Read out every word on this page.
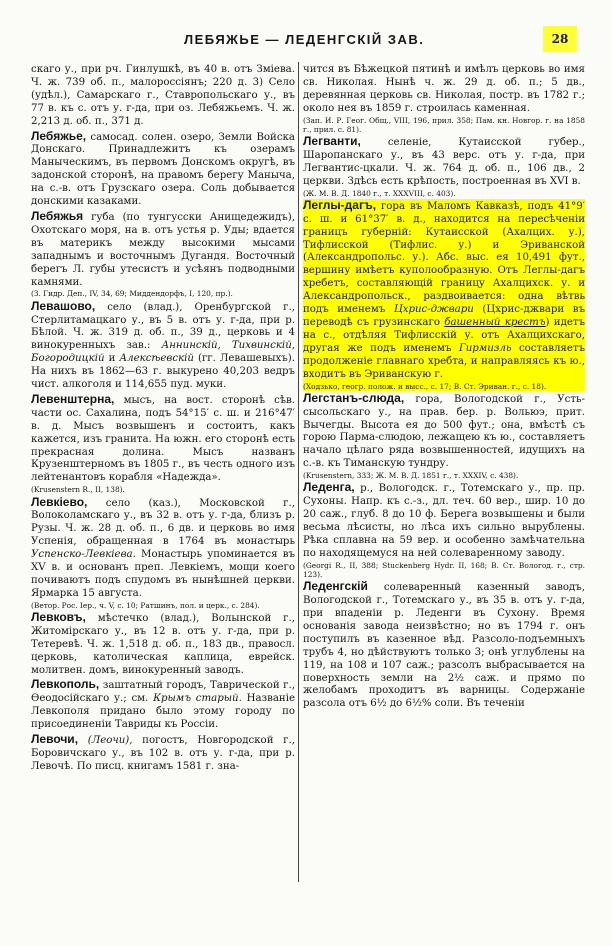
ЛЕБЯЖЬЕ — ЛЕДЕНГСКІЙ ЗАВ.	28

скаго у., при рч. Гинлушкѣ, въ 40 в. отъ Зміева. Ч. ж. 739 об. п., малороссіянъ; 220 д. 3) Село (удѣл.), Самарскаго г., Ставропольскаго у., въ 77 в. къ с. отъ у. г-да, при оз. Лебяжьемъ. Ч. ж. 2,213 д. об. п., 371 д.

Лебяжье, самосад. солен. озеро, Земли Войска Донскаго. Принадлежитъ къ озерамъ Маныческимъ, въ первомъ Донскомъ округѣ, въ задонской сторонѣ, на правомъ берегу Маныча, на с.-в. отъ Грузскаго озера. Соль добывается донскими казаками.

Лебяжья губа (по тунгусски Анищедежидъ), Охотскаго моря, на в. отъ устья р. Уды; вдается въ материкъ между высокими мысами западнымъ и восточнымъ Дугандя. Восточный берегъ Л. губы утесистъ и усѣянъ подводными камнями.

(З. Гидр. Деп., IV, 34, 69; Миддендорфъ, I, 120, пр.).

Левашово, село (влад.), Оренбургской г., Стерлитамацкаго у., въ 5 в. отъ у. г-да, при р. Бѣлой. Ч. ж. 319 д. об. п., 39 д., церковь и 4 винокуренныхъ зав.: Аннинскій, Тихвинскій, Богородицкій и Алексѣевскій (гг. Левашевыхъ). На нихъ въ 1862—63 г. выкурено 40,203 ведръ чист. алкоголя и 114,655 пуд. муки.

Левенштерна, мысъ, на вост. сторонѣ сѣв. части ос. Сахалина, подъ 54°15′ с. ш. и 216°47′ в. д. Мысъ возвышенъ и состоитъ, какъ кажется, изъ гранита. На южн. его сторонѣ есть прекрасная долина. Мысъ названъ Крузенштерномъ въ 1805 г., въ честь одного изъ лейтенантовъ корабля «Надежда».

(Krusenstern R., II, 138).

Левкіево, село (каз.), Московской г., Волоколамскаго у., въ 32 в. отъ у. г-да, близъ р. Рузы. Ч. ж. 28 д. об. п., 6 дв. и церковь во имя Успенія, обращенная в 1764 въ монастырь Успенско-Левкіева. Монастырь упоминается въ XV в. и основанъ преп. Левкіемъ, мощи коего почиваютъ подъ спудомъ въ нынѣшней церкви. Ярмарка 15 августа.

(Ветор. Рос. Іер., ч. V, с. 10; Ратшинъ, пол. и церк., с. 284).

Левковъ, мѣстечко (влад.), Волынской г., Житомірскаго у., въ 12 в. отъ у. г-да, при р. Тетеревѣ. Ч. ж. 1,518 д. об. п., 183 дв., правосл. церковь, католическая каплица, еврейск. молитвен. домъ, винокуренный заводъ.

Левкополь, заштатный городъ, Таврической г., Ѳеодосійскаго у.; см. Крымъ старый. Названіе Левкополя придано было этому городу по присоединеніи Тавриды къ Россіи.

Левочи, (Леочи), погостъ, Новгородской г., Боровичскаго у., въ 102 в. отъ у. г-да, при р. Левочѣ. По писц. книгамъ 1581 г. зна-

чится въ Бѣжецкой пятинѣ и имѣлъ церковь во имя св. Николая. Нынѣ ч. ж. 29 д. об. п.; 5 дв., деревянная церковь св. Николая, постр. въ 1782 г.; около нея въ 1859 г. строилась каменная.

(Зап. И. Р. Геог. Общ., VIII, 196, прил. 358; Пам. кн. Новгор. г. на 1858 г., прил. с. 81).

Легванти, селеніе, Кутаисской губер., Шаропанскаго у., въ 43 верс. отъ у. г-да, при Легвантис-цкали. Ч. ж. 764 д. об. п., 106 дв., 2 церкви. Здѣсь есть крѣпость, построенная въ XVI в.

(Ж. М. В. Д. 1840 г., т. XXXVIII, с. 403).

Леглы-дагъ, гора въ Маломъ Кавказѣ, подъ 41°9′ с. ш. и 61°37′ в. д., находится на пересѣченіи границъ губерній: Кутаисской (Ахалцих. у.), Тифлисской (Тифлис. у.) и Эриванской (Александропольс. у.). Абс. выс. ея 10,491 фут., вершину имѣетъ куполообразную. Отъ Леглы-дагъ хребетъ, составляющій границу Ахалцихск. у. и Александропольск., раздвоивается: одна вѣтвь подъ именемъ Цхрис-джвари (Цхрис-джвари въ переводѣ съ грузинскаго башенный крестъ) идетъ на с., отдѣляя Тифлисскій у. отъ Ахалцихскаго, другая же подъ именемъ Гирмизль составляетъ продолженіе главнаго хребта, и направляясь къ ю., входитъ въ Эриванскую г.

(Ходзько, геогр. полож. и высс., с. 17; В. Ст. Эриван. г., с. 18).

Легстанъ-слюда, гора, Вологодской г., Усть-сысольскаго у., на прав. бер. р. Вольюэ, прит. Вычегды. Высота ея до 500 фут.; она, вмѣстѣ съ горою Парма-слюдою, лежащею къ ю., составляетъ начало цѣлаго ряда возвышенностей, идущихъ на с.-в. къ Тиманскую тундру.

(Krusenstern, 333; Ж. М. В. Д. 1851 г., т. XXXIV, с. 438).

Леденга, р., Вологодск. г., Тотемскаго у., пр. пр. Сухоны. Напр. къ с.-з., дл. теч. 60 вер., шир. 10 до 20 саж., глуб. 8 до 10 ф. Берега возвышены и были весьма лѣсисты, но лѣса ихъ сильно вырублены. Рѣка сплавна на 59 вер. и особенно замѣчательна по находящемуся на ней солеваренному заводу.

(Georgi R., II, 388; Stuckenberg Hydr. II, 168; В. Ст. Вологод. г., стр. 123).

Леденгскій солеваренный казенный заводъ, Вологодской г., Тотемскаго у., въ 35 в. отъ у. г-да, при впаденіи р. Леденги въ Сухону. Время основанія завода неизвѣстно; но въ 1794 г. онъ поступилъ въ казенное вѣд. Разсоло-подъемныхъ трубъ 4, но дѣйствуютъ только 3; онѣ углублены на 119, на 108 и 107 саж.; разсолъ выбрасывается на поверхность земли на 2½ саж. и прямо по желобамъ проходитъ въ варницы. Содержаніе разсола отъ 6½ до 6½% соли. Въ теченіи
